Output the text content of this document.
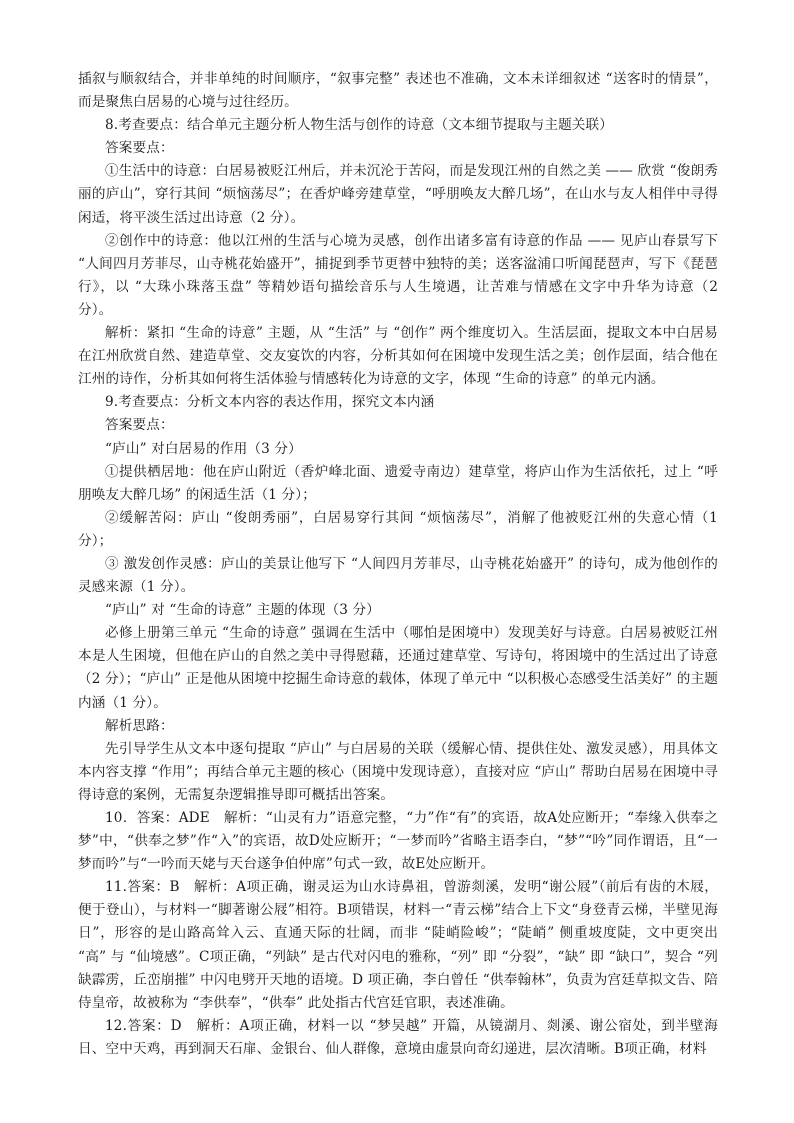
插叙与顺叙结合，并非单纯的时间顺序，“叙事完整” 表述也不准确，文本未详细叙述 “送客时的情景”，而是聚焦白居易的心境与过往经历。

8.考查要点：结合单元主题分析人物生活与创作的诗意（文本细节提取与主题关联）

答案要点：

①生活中的诗意：白居易被贬江州后，并未沉沦于苦闷，而是发现江州的自然之美 —— 欣赏 “俊朗秀丽的庐山”，穿行其间 “烦恼荡尽”；在香炉峰旁建草堂，“呼朋唤友大醉几场”，在山水与友人相伴中寻得闲适，将平淡生活过出诗意（2 分）。

②创作中的诗意：他以江州的生活与心境为灵感，创作出诸多富有诗意的作品 —— 见庐山春景写下 “人间四月芳菲尽，山寺桃花始盛开”，捕捉到季节更替中独特的美；送客湓浦口听闻琵琶声，写下《琵琶行》，以 “大珠小珠落玉盘” 等精妙语句描绘音乐与人生境遇，让苦难与情感在文字中升华为诗意（2 分）。

解析：紧扣 “生命的诗意” 主题，从 “生活” 与 “创作” 两个维度切入。生活层面，提取文本中白居易在江州欣赏自然、建造草堂、交友宴饮的内容，分析其如何在困境中发现生活之美；创作层面，结合他在江州的诗作，分析其如何将生活体验与情感转化为诗意的文字，体现 “生命的诗意” 的单元内涵。

9.考查要点：分析文本内容的表达作用，探究文本内涵

答案要点：

“庐山” 对白居易的作用（3 分）

①提供栖居地：他在庐山附近（香炉峰北面、遗爱寺南边）建草堂，将庐山作为生活依托，过上 “呼朋唤友大醉几场” 的闲适生活（1 分）；

②缓解苦闷：庐山 “俊朗秀丽”，白居易穿行其间 “烦恼荡尽”，消解了他被贬江州的失意心情（1 分）；

③ 激发创作灵感：庐山的美景让他写下 “人间四月芳菲尽，山寺桃花始盛开” 的诗句，成为他创作的灵感来源（1 分）。

“庐山” 对 “生命的诗意” 主题的体现（3 分）

必修上册第三单元 “生命的诗意” 强调在生活中（哪怕是困境中）发现美好与诗意。白居易被贬江州本是人生困境，但他在庐山的自然之美中寻得慰藉，还通过建草堂、写诗句，将困境中的生活过出了诗意（2 分）；“庐山” 正是他从困境中挖掘生命诗意的载体，体现了单元中 “以积极心态感受生活美好” 的主题内涵（1 分）。

解析思路：

先引导学生从文本中逐句提取 “庐山” 与白居易的关联（缓解心情、提供住处、激发灵感），用具体文本内容支撑 “作用”；再结合单元主题的核心（困境中发现诗意），直接对应 “庐山” 帮助白居易在困境中寻得诗意的案例，无需复杂逻辑推导即可概括出答案。

10．答案：ADE　解析：“山灵有力”语意完整，“力”作“有”的宾语，故A处应断开；“奉缘入供奉之梦”中，“供奉之梦”作“入”的宾语，故D处应断开；“一梦而吟”省略主语李白，“梦”“吟”同作谓语，且“一梦而吟”与“一吟而天姥与天台遂争伯仲席”句式一致，故E处应断开。

11.答案：B　解析：A项正确，谢灵运为山水诗鼻祖，曾游剡溪，发明“谢公屐”（前后有齿的木屐，便于登山），与材料一“脚著谢公屐”相符。B项错误，材料一“青云梯”结合上下文“身登青云梯，半壁见海日”，形容的是山路高耸入云、直通天际的壮阔，而非 “陡峭险峻”；“陡峭” 侧重坡度陡，文中更突出 “高” 与 “仙境感”。C项正确，“列缺” 是古代对闪电的雅称，“列” 即 “分裂”，“缺” 即 “缺口”，契合 “列缺霹雳，丘峦崩摧” 中闪电劈开天地的语境。D 项正确，李白曾任 “供奉翰林”，负责为宫廷草拟文告、陪侍皇帝，故被称为 “李供奉”，“供奉” 此处指古代宫廷官职，表述准确。

12.答案：D　解析：A项正确，材料一以 “梦吴越” 开篇，从镜湖月、剡溪、谢公宿处，到半壁海日、空中天鸡，再到洞天石扉、金银台、仙人群像，意境由虚景向奇幻递进，层次清晰。B项正确，材料
